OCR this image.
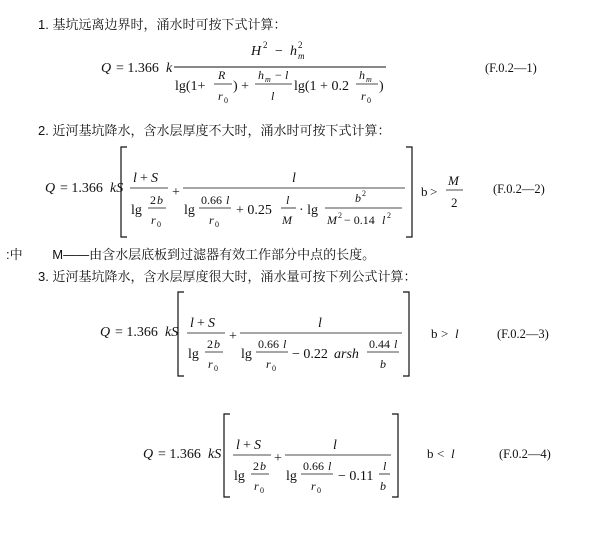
1. 基坑远离边界时，涌水时可按下式计算：
(F.0.2—1)
2. 近河基坑降水，含水层厚度不大时，涌水时可按下式计算：
(F.0.2—2)
:中 M——由含水层底板到过滤器有效工作部分中点的长度。
3. 近河基坑降水，含水层厚度很大时，涌水量可按下列公式计算：
(F.0.2—3)
(F.0.2—4)
Q = 1.366 k
H 2 − h m
2
lg(1+
R
r 0
) +
h m − l
l
lg(1 + 0.2
h m
r 0
)
Q = 1.366 kS
l + S
lg
2 b
r 0
+
l
lg
0.66 l
r 0
+ 0.25
l
M
· lg
b 2
M 2 − 0.14 l 2
b >
M
2
Q = 1.366 kS
l + S
lg
2 b
r 0
+
l
lg
0.66 l
r 0
− 0.22 arsh
0.44 l
b
b > l
Q = 1.366 kS
l + S
lg
2 b
r 0
+
l
lg
0.66 l
r 0
− 0.11
l
b
b < l
